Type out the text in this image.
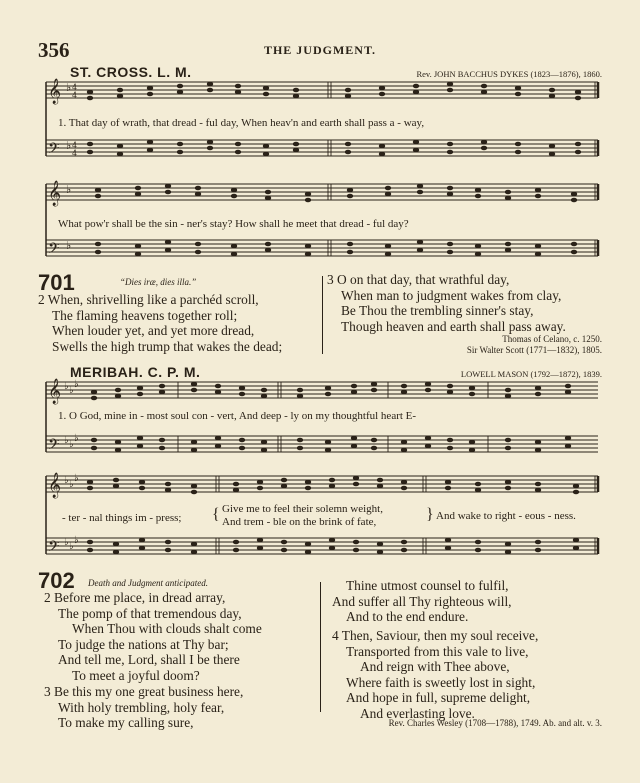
356	THE JUDGMENT.
ST. CROSS. L. M.	Rev. JOHN BACCHUS DYKES (1823—1876), 1860.
𝄞
𝄢
♭
♭
4
4
4
4
1. That day of wrath, that dread - ful day, When heav'n and earth shall pass a - way,
𝄞
𝄢
♭
♭
What pow'r shall be the sin - ner's stay? How shall he meet that dread - ful day?
701	“Dies iræ, dies illa.”
2 When, shrivelling like a parchéd scroll,
The flaming heavens together roll;
When louder yet, and yet more dread,
Swells the high trump that wakes the dead;
3 O on that day, that wrathful day,
When man to judgment wakes from clay,
Be Thou the trembling sinner's stay,
Though heaven and earth shall pass away.
Thomas of Celano, c. 1250.
Sir Walter Scott (1771—1832), 1805.
MERIBAH. C. P. M.	LOWELL MASON (1792—1872), 1839.
𝄞
𝄢
♭ ♭
♭
♭ ♭
♭
1. O God, mine in - most soul con - vert, And deep - ly on my thoughtful heart E-
𝄞
𝄢
♭ ♭
♭
♭ ♭
♭
- ter - nal things im - press; { Give me to feel their solemn weight,
And trem - ble on the brink of fate,	} And wake to right - eous - ness.
702 Death and Judgment anticipated.
2 Before me place, in dread array,
The pomp of that tremendous day,
When Thou with clouds shalt come
To judge the nations at Thy bar;
And tell me, Lord, shall I be there
To meet a joyful doom?
3 Be this my one great business here,
With holy trembling, holy fear,
To make my calling sure,
Thine utmost counsel to fulfil,
And suffer all Thy righteous will,
And to the end endure.
4 Then, Saviour, then my soul receive,
Transported from this vale to live,
And reign with Thee above,
Where faith is sweetly lost in sight,
And hope in full, supreme delight,
And everlasting love.
Rev. Charles Wesley (1708—1788), 1749. Ab. and alt. v. 3.
